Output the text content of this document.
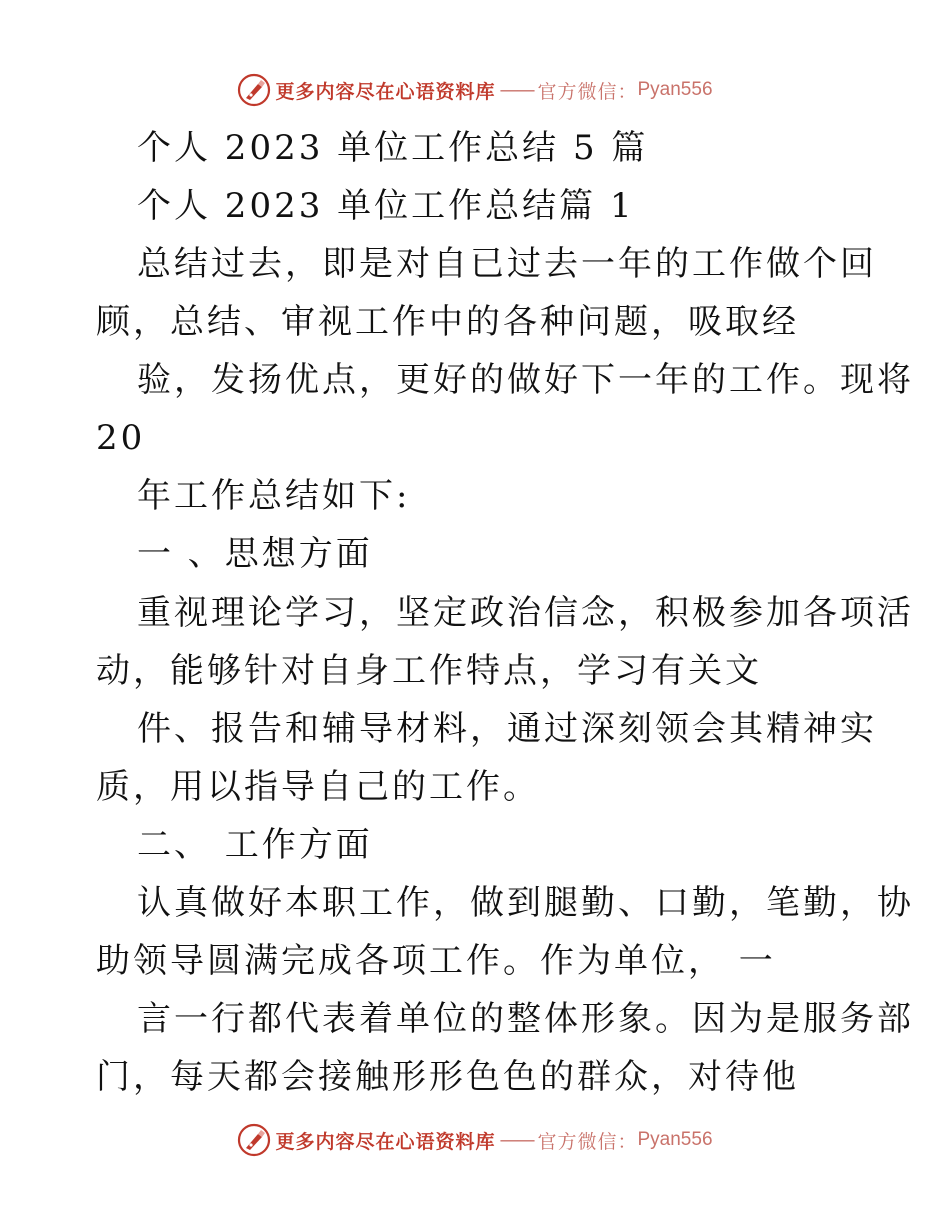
更多内容尽在心语资料库 —— 官方微信： Pyan556
个人 2023 单位工作总结 5 篇
个人 2023 单位工作总结篇 1
总结过去，即是对自已过去一年的工作做个回
顾，总结、审视工作中的各种问题，吸取经
验，发扬优点，更好的做好下一年的工作。现将
20
年工作总结如下:
一 、思想方面
重视理论学习，坚定政治信念，积极参加各项活
动，能够针对自身工作特点，学习有关文
件、报告和辅导材料，通过深刻领会其精神实
质，用以指导自己的工作。
二、 工作方面
认真做好本职工作，做到腿勤、口勤，笔勤，协
助领导圆满完成各项工作。作为单位， 一
言一行都代表着单位的整体形象。因为是服务部
门，每天都会接触形形色色的群众，对待他
更多内容尽在心语资料库 —— 官方微信： Pyan556
